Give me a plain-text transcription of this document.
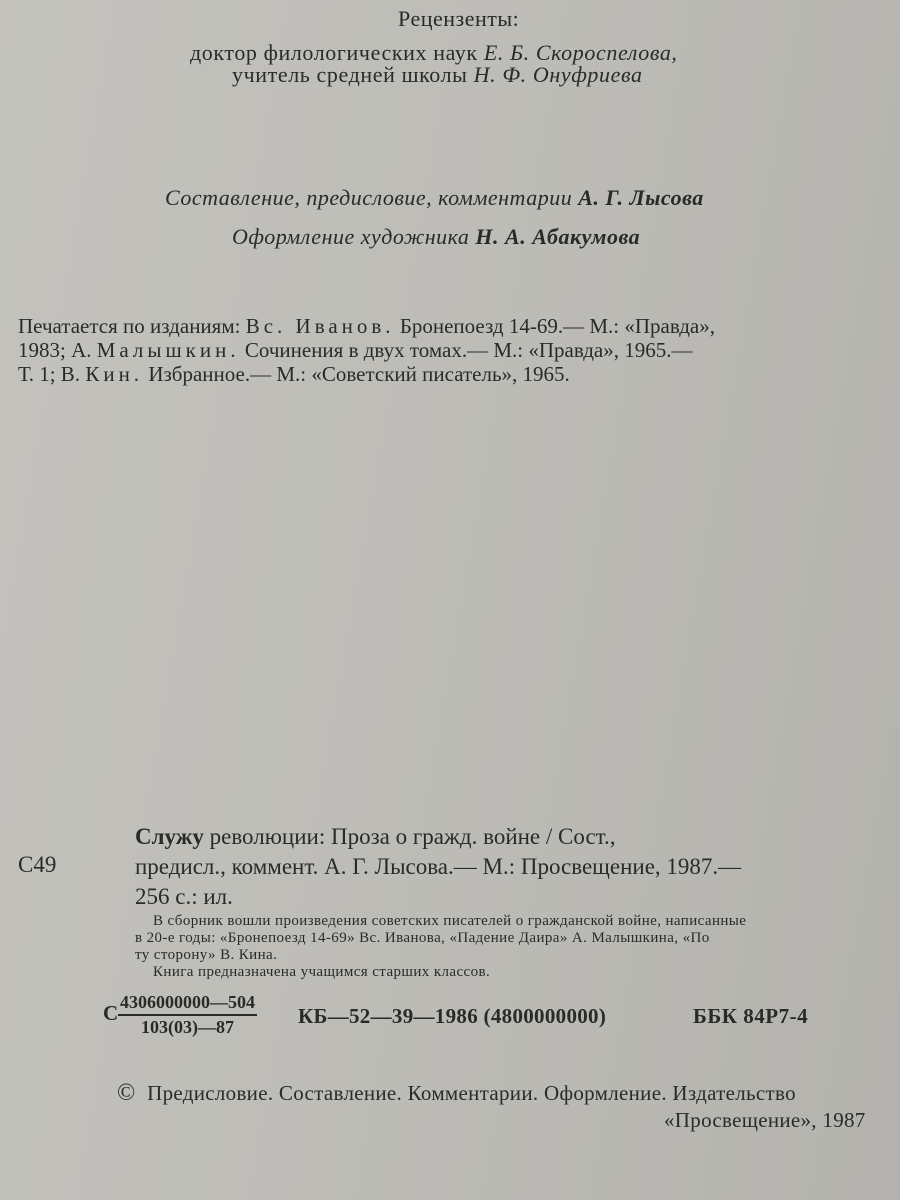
Рецензенты:
доктор филологических наук Е. Б. Скороспелова,
учитель средней школы Н. Ф. Онуфриева
Составление, предисловие, комментарии А. Г. Лысова
Оформление художника Н. А. Абакумова
Печатается по изданиям: Вс. Иванов. Бронепоезд 14-69.— М.: «Правда»,
1983; А. Малышкин. Сочинения в двух томах.— М.: «Правда», 1965.—
Т. 1; В. Кин. Избранное.— М.: «Советский писатель», 1965.
Служу революции: Проза о гражд. войне / Сост.,
предисл., коммент. А. Г. Лысова.— М.: Просвещение, 1987.—
256 с.: ил.
С49
В сборник вошли произведения советских писателей о гражданской войне, написанные
в 20-е годы: «Бронепоезд 14-69» Вс. Иванова, «Падение Даира» А. Малышкина, «По
ту сторону» В. Кина.
Книга предназначена учащимся старших классов.
С $\frac{4306000000—504}{103(03)—87}$ КБ—52—39—1986 (4800000000)	ББК 84Р7-4
© Предисловие. Составление. Комментарии. Оформление. Издательство
«Просвещение», 1987
